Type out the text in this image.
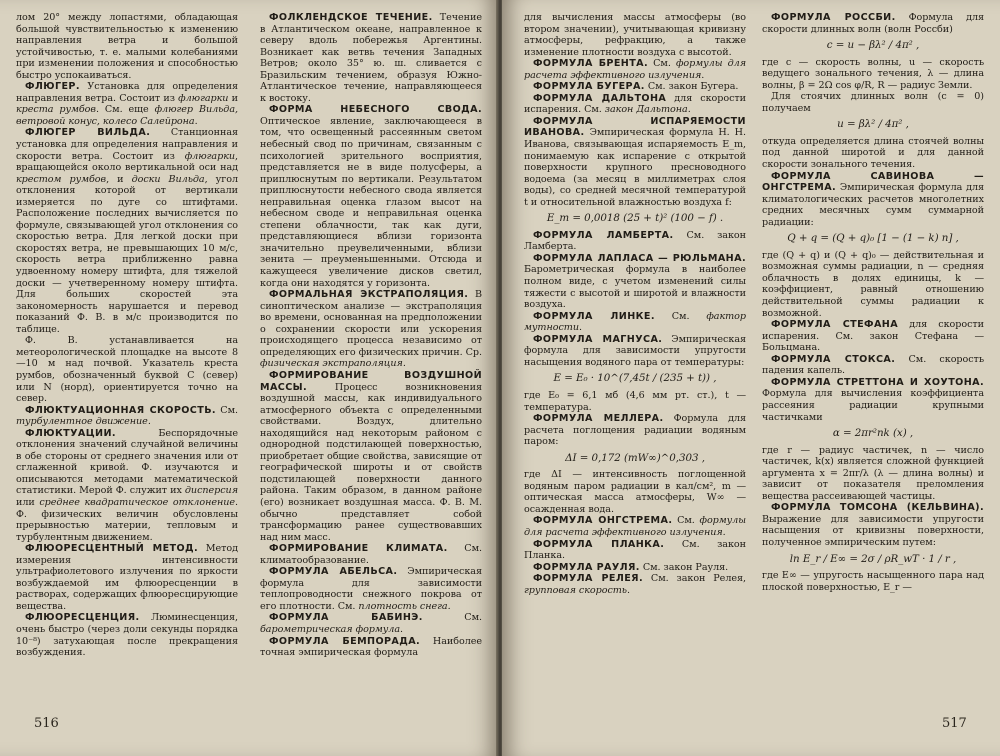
лом 20° между лопастями, обладающая большой чувствительностью к изменению направления ветра и большой устойчивостью, т. е. малыми колебаниями при изменении положения и способностью быстро успокаиваться.

ФЛЮГЕР. Установка для определения направления ветра. Состоит из флюгарки и креста румбов. См. еще флюгер Вильда, ветровой конус, колесо Салейрона.

ФЛЮГЕР ВИЛЬДА. Станционная установка для определения направления и скорости ветра. Состоит из флюгарки, вращающейся около вертикальной оси над крестом румбов, и доски Вильда, угол отклонения которой от вертикали измеряется по дуге со штифтами. Расположение последних вычисляется по формуле, связывающей угол отклонения со скоростью ветра. Для легкой доски при скоростях ветра, не превышающих 10 м/с, скорость ветра приближенно равна удвоенному номеру штифта, для тяжелой доски — учетверенному номеру штифта. Для больших скоростей эта закономерность нарушается и перевод показаний Ф. В. в м/с производится по таблице.

Ф. В. устанавливается на метеорологической площадке на высоте 8—10 м над почвой. Указатель креста румбов, обозначенный буквой С (север) или N (норд), ориентируется точно на север.

ФЛЮКТУАЦИОННАЯ СКОРОСТЬ. См. турбулентное движение.

ФЛЮКТУАЦИИ. Беспорядочные отклонения значений случайной величины в обе стороны от среднего значения или от сглаженной кривой. Ф. изучаются и описываются методами математической статистики. Мерой Ф. служит их дисперсия или среднее квадратическое отклонение. Ф. физических величин обусловлены прерывностью материи, тепловым и турбулентным движением.

ФЛЮОРЕСЦЕНТНЫЙ МЕТОД. Метод измерения интенсивности ультрафиолетового излучения по яркости возбуждаемой им флюоресценции в растворах, содержащих флюоресцирующие вещества.

ФЛЮОРЕСЦЕНЦИЯ. Люминесценция, очень быстро (через доли секунды порядка 10⁻⁸) затухающая после прекращения возбуждения.

ФОЛКЛЕНДСКОЕ ТЕЧЕНИЕ. Течение в Атлантическом океане, направленное к северу вдоль побережья Аргентины. Возникает как ветвь течения Западных Ветров; около 35° ю. ш. сливается с Бразильским течением, образуя Южно-Атлантическое течение, направляющееся к востоку.

ФОРМА НЕБЕСНОГО СВОДА. Оптическое явление, заключающееся в том, что освещенный рассеянным светом небесный свод по причинам, связанным с психологией зрительного восприятия, представляется не в виде полусферы, а приплюснутым по вертикали. Результатом приплюснутости небесного свода является неправильная оценка глазом высот на небесном своде и неправильная оценка степени облачности, так как дуги, представляющиеся вблизи горизонта значительно преувеличенными, вблизи зенита — преуменьшенными. Отсюда и кажущееся увеличение дисков светил, когда они находятся у горизонта.

ФОРМАЛЬНАЯ ЭКСТРАПОЛЯЦИЯ. В синоптическом анализе — экстраполяция во времени, основанная на предположении о сохранении скорости или ускорения происходящего процесса независимо от определяющих его физических причин. Ср. физическая экстраполяция.

ФОРМИРОВАНИЕ ВОЗДУШНОЙ МАССЫ. Процесс возникновения воздушной массы, как индивидуального атмосферного объекта с определенными свойствами. Воздух, длительно находящийся над некоторым районом с однородной подстилающей поверхностью, приобретает общие свойства, зависящие от географической широты и от свойств подстилающей поверхности данного района. Таким образом, в данном районе (его) возникает воздушная масса. Ф. В. М. обычно представляет собой трансформацию ранее существовавших над ним масс.

ФОРМИРОВАНИЕ КЛИМАТА. См. климатообразование.

ФОРМУЛА АБЕЛЬСА. Эмпирическая формула для зависимости теплопроводности снежного покрова от его плотности. См. плотность снега.

ФОРМУЛА БАБИНЭ. См. барометрическая формула.

ФОРМУЛА БЕМПОРАДА. Наиболее точная эмпирическая формула

516

для вычисления массы атмосферы (во втором значении), учитывающая кривизну атмосферы, рефракцию, а также изменение плотности воздуха с высотой.

ФОРМУЛА БРЕНТА. См. формулы для расчета эффективного излучения.

ФОРМУЛА БУГЕРА. См. закон Бугера.

ФОРМУЛА ДАЛЬТОНА для скорости испарения. См. закон Дальтона.

ФОРМУЛА ИСПАРЯЕМОСТИ ИВАНОВА. Эмпирическая формула Н. Н. Иванова, связывающая испаряемость E_m, понимаемую как испарение с открытой поверхности крупного пресноводного водоема (за месяц в миллиметрах слоя воды), со средней месячной температурой t и относительной влажностью воздуха f:

E_m = 0,0018 (25 + t)² (100 − f) .

ФОРМУЛА ЛАМБЕРТА. См. закон Ламберта.

ФОРМУЛА ЛАПЛАСА — РЮЛЬМАНА. Барометрическая формула в наиболее полном виде, с учетом изменений силы тяжести с высотой и широтой и влажности воздуха.

ФОРМУЛА ЛИНКЕ. См. фактор мутности.

ФОРМУЛА МАГНУСА. Эмпирическая формула для зависимости упругости насыщения водяного пара от температуры:

E = E₀ · 10^(7,45t / (235 + t)) ,

где E₀ = 6,1 мб (4,6 мм рт. ст.), t — температура.

ФОРМУЛА МЕЛЛЕРА. Формула для расчета поглощения радиации водяным паром:

ΔI = 0,172 (mW∞)^0,303 ,

где ΔI — интенсивность поглощенной водяным паром радиации в кал/см², m — оптическая масса атмосферы, W∞ — осажденная вода.

ФОРМУЛА ОНГСТРЕМА. См. формулы для расчета эффективного излучения.

ФОРМУЛА ПЛАНКА. См. закон Планка.

ФОРМУЛА РАУЛЯ. См. закон Рауля.

ФОРМУЛА РЕЛЕЯ. См. закон Релея, групповая скорость.

ФОРМУЛА РОССБИ. Формула для скорости длинных волн (волн Россби)

c = u − βλ² / 4π² ,

где c — скорость волны, u — скорость ведущего зонального течения, λ — длина волны, β = 2Ω cos φ/R, R — радиус Земли.

Для стоячих длинных волн (c = 0) получаем

u = βλ² / 4π² ,

откуда определяется длина стоячей волны под данной широтой и для данной скорости зонального течения.

ФОРМУЛА САВИНОВА — ОНГСТРЕМА. Эмпирическая формула для климатологических расчетов многолетних средних месячных сумм суммарной радиации:

Q + q = (Q + q)₀ [1 − (1 − k) n] ,

где (Q + q) и (Q + q)₀ — действительная и возможная суммы радиации, n — средняя облачность в долях единицы, k — коэффициент, равный отношению действительной суммы радиации к возможной.

ФОРМУЛА СТЕФАНА для скорости испарения. См. закон Стефана — Больцмана.

ФОРМУЛА СТОКСА. См. скорость падения капель.

ФОРМУЛА СТРЕТТОНА И ХОУТОНА. Формула для вычисления коэффициента рассеяния радиации крупными частичками

α = 2πr²nk (x) ,

где r — радиус частичек, n — число частичек, k(x) является сложной функцией аргумента x = 2πr/λ (λ — длина волны) и зависит от показателя преломления вещества рассеивающей частицы.

ФОРМУЛА ТОМСОНА (КЕЛЬВИНА). Выражение для зависимости упругости насыщения от кривизны поверхности, полученное эмпирическим путем:

ln E_r / E∞ = 2σ / ρR_wT · 1 / r ,

где E∞ — упругость насыщенного пара над плоской поверхностью, E_r —

517
